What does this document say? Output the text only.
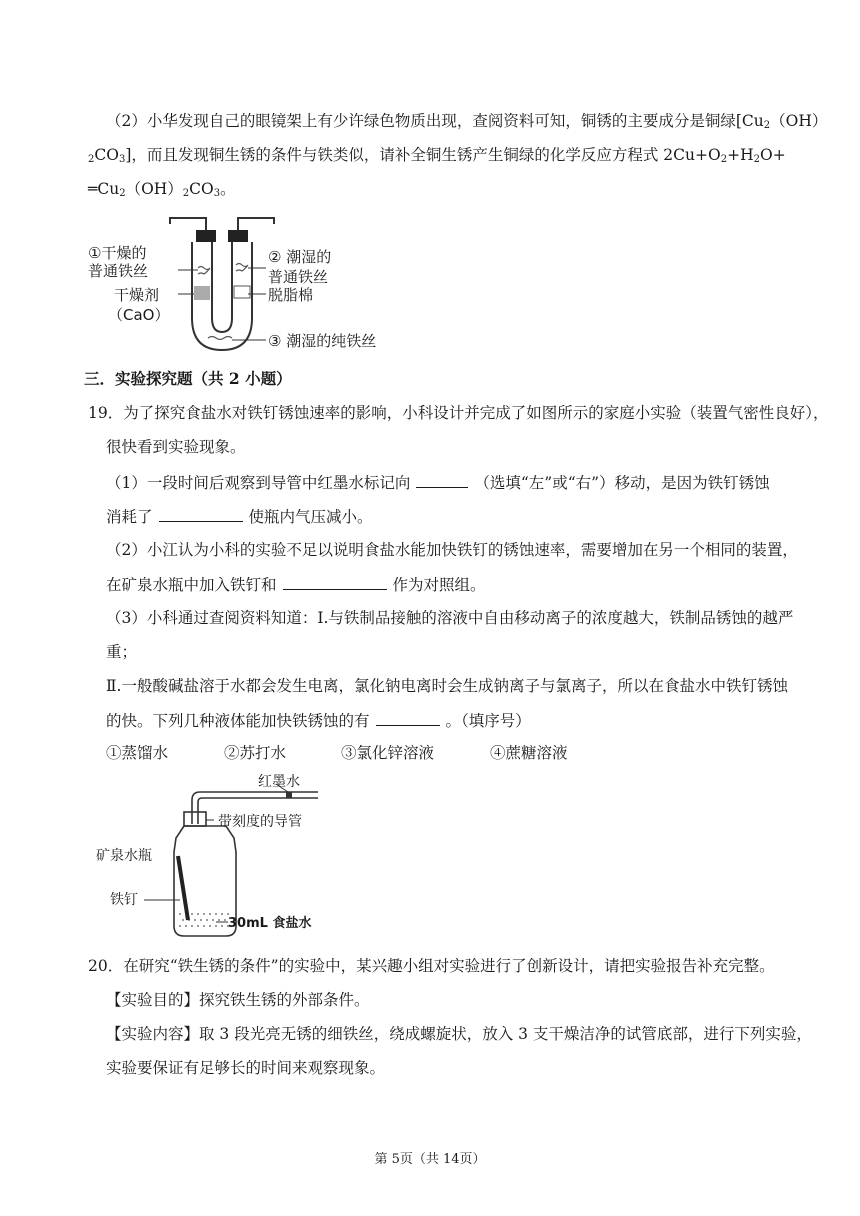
（2）小华发现自己的眼镜架上有少许绿色物质出现，查阅资料可知，铜锈的主要成分是铜绿[$Cu_2(OH)$
$_2CO_3$]，而且发现铜生锈的条件与铁类似，请补全铜生锈产生铜绿的化学反应方程式 $2Cu+O_2+H_2O+$
$═Cu_2(OH)_2CO_3$。
①干燥的
普通铁丝
干燥剂
（CaO）
② 潮湿的
普通铁丝
脱脂棉
③ 潮湿的纯铁丝
三．实验探究题（共 2 小题）
19．为了探究食盐水对铁钉锈蚀速率的影响，小科设计并完成了如图所示的家庭小实验（装置气密性良好），
很快看到实验现象。
（1）一段时间后观察到导管中红墨水标记向	（选填“左”或“右”）移动，是因为铁钉锈蚀
消耗了	使瓶内气压减小。
（2）小江认为小科的实验不足以说明食盐水能加快铁钉的锈蚀速率，需要增加在另一个相同的装置，
在矿泉水瓶中加入铁钉和	作为对照组。
（3）小科通过查阅资料知道：Ⅰ.与铁制品接触的溶液中自由移动离子的浓度越大，铁制品锈蚀的越严
重；
Ⅱ.一般酸碱盐溶于水都会发生电离，氯化钠电离时会生成钠离子与氯离子，所以在食盐水中铁钉锈蚀
的快。下列几种液体能加快铁锈蚀的有	。（填序号）
①蒸馏水	②苏打水	③氯化锌溶液	④蔗糖溶液
红墨水
带刻度的导管
矿泉水瓶
铁钉
30mL 食盐水
20．在研究“铁生锈的条件”的实验中，某兴趣小组对实验进行了创新设计，请把实验报告补充完整。
【实验目的】探究铁生锈的外部条件。
【实验内容】取 3 段光亮无锈的细铁丝，绕成螺旋状，放入 3 支干燥洁净的试管底部，进行下列实验，
实验要保证有足够长的时间来观察现象。
第 5页（共 14页）
